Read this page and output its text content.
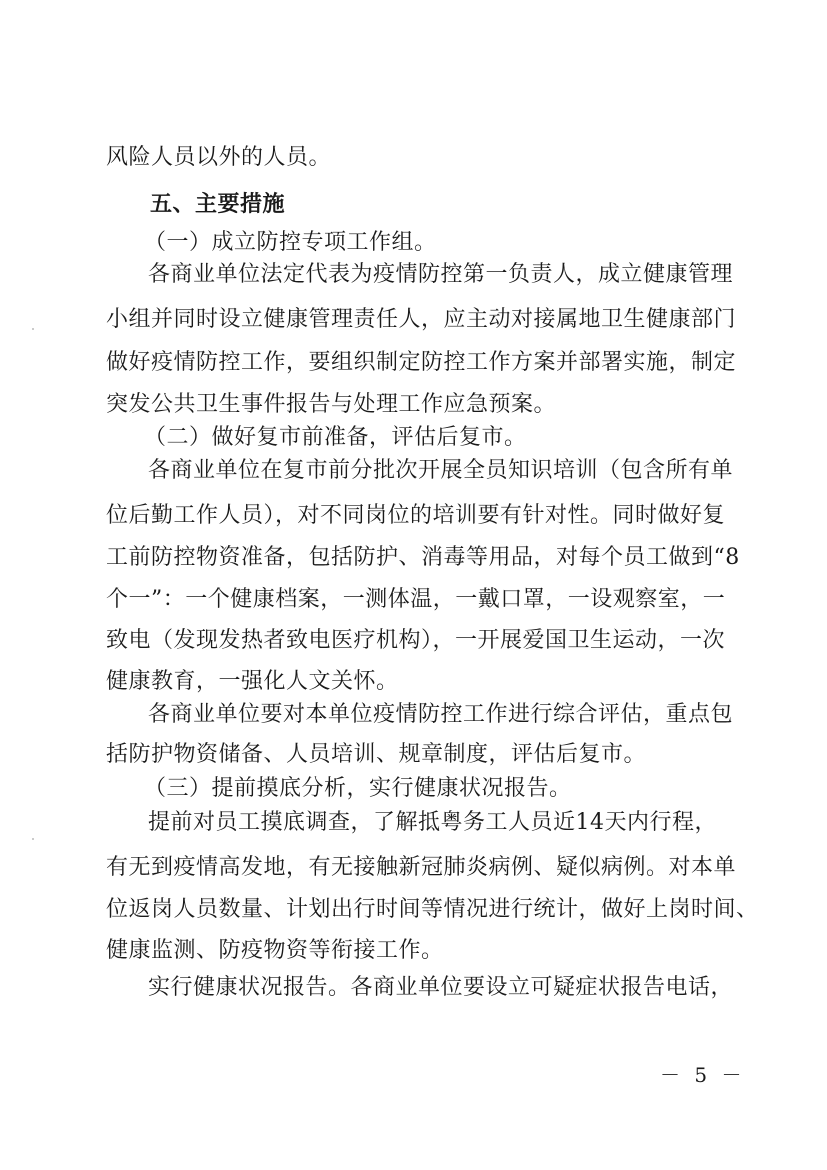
风险人员以外的人员。
五、主要措施
（一）成立防控专项工作组。
各商业单位法定代表为疫情防控第一负责人，成立健康管理
小组并同时设立健康管理责任人，应主动对接属地卫生健康部门
做好疫情防控工作，要组织制定防控工作方案并部署实施，制定
突发公共卫生事件报告与处理工作应急预案。
（二）做好复市前准备，评估后复市。
各商业单位在复市前分批次开展全员知识培训（包含所有单
位后勤工作人员），对不同岗位的培训要有针对性。同时做好复
工前防控物资准备，包括防护、消毒等用品，对每个员工做到“8
个一”：一个健康档案，一测体温，一戴口罩，一设观察室，一
致电（发现发热者致电医疗机构），一开展爱国卫生运动，一次
健康教育，一强化人文关怀。
各商业单位要对本单位疫情防控工作进行综合评估，重点包
括防护物资储备、人员培训、规章制度，评估后复市。
（三）提前摸底分析，实行健康状况报告。
提前对员工摸底调查，了解抵粤务工人员近14天内行程，
有无到疫情高发地，有无接触新冠肺炎病例、疑似病例。对本单
位返岗人员数量、计划出行时间等情况进行统计，做好上岗时间、
健康监测、防疫物资等衔接工作。
实行健康状况报告。各商业单位要设立可疑症状报告电话，
－ 5 －
